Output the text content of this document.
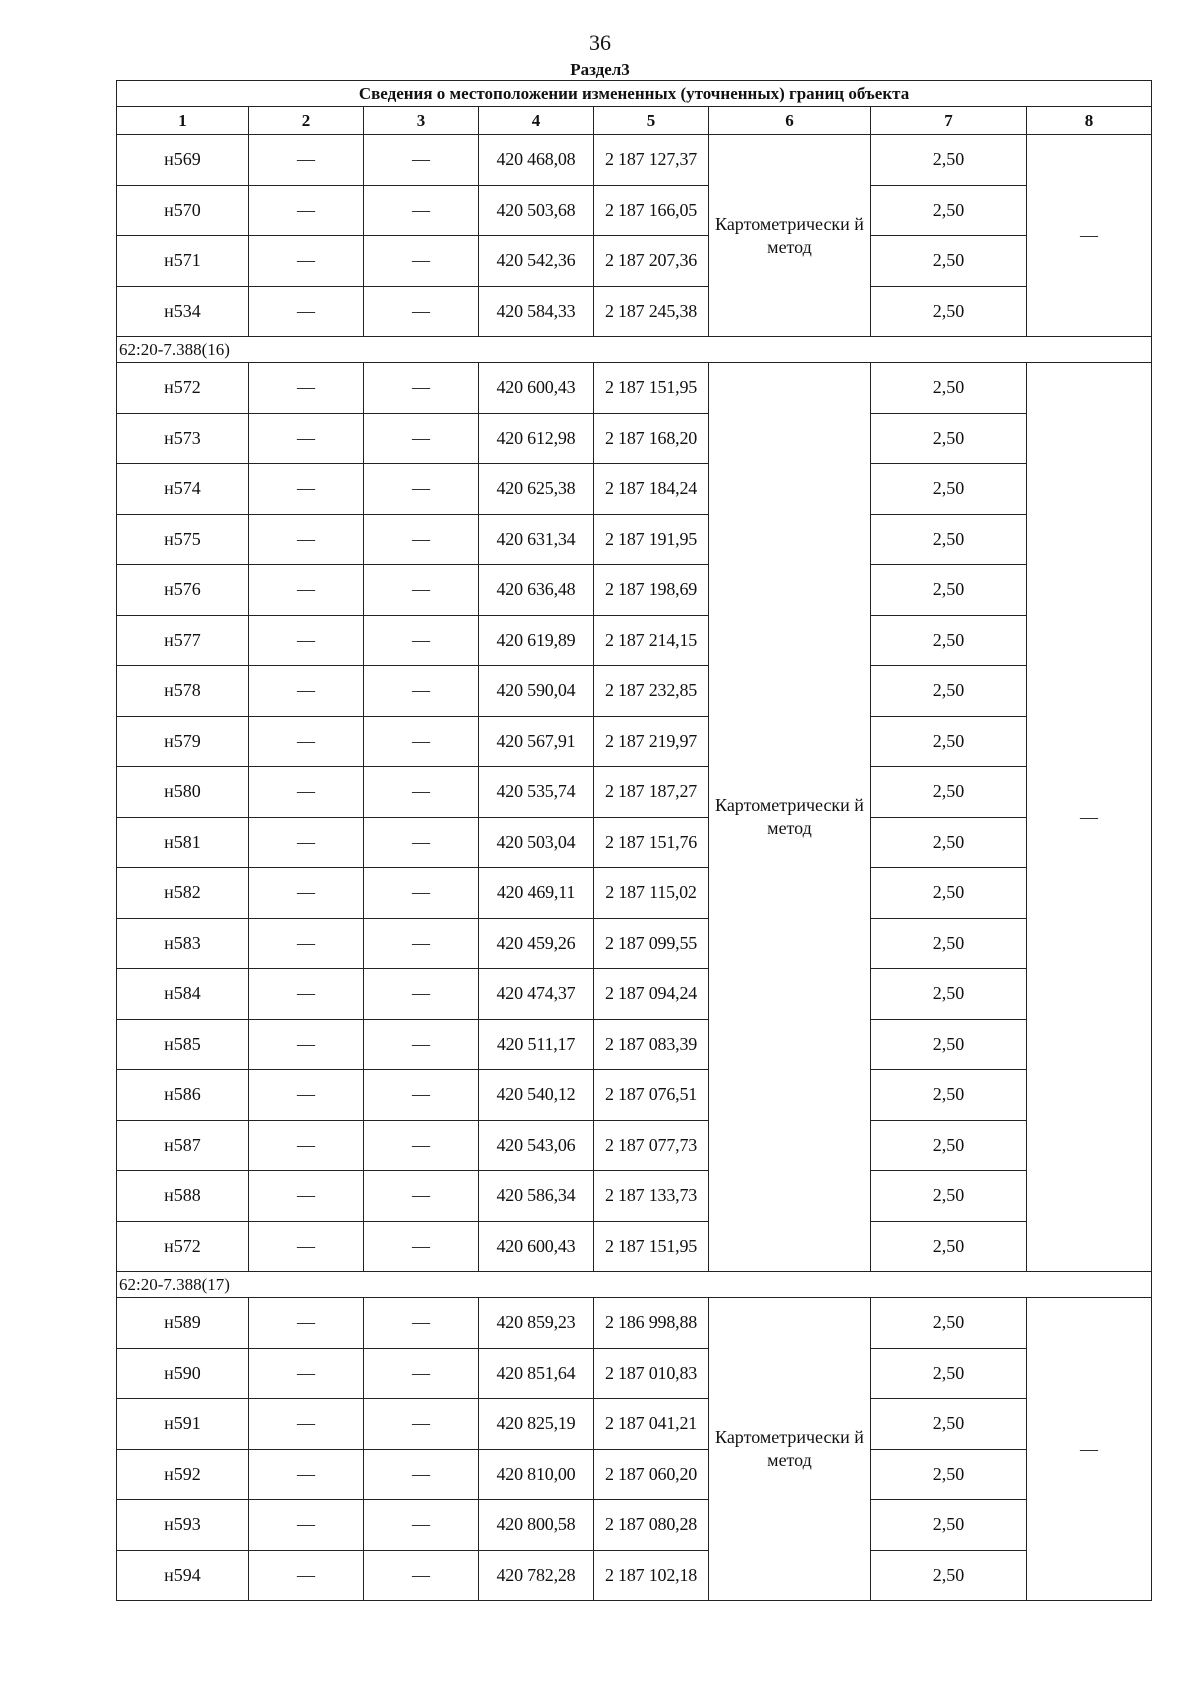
36
Раздел3
Сведения о местоположении измененных (уточненных) границ объекта							
1	2	3	4	5	6	7	8
н569	—	—	420 468,08	2 187 127,37	Картометрически й метод	2,50	—
н570	—	—	420 503,68	2 187 166,05		2,50	
н571	—	—	420 542,36	2 187 207,36		2,50	
н534	—	—	420 584,33	2 187 245,38		2,50	
62:20-7.388(16)							
н572	—	—	420 600,43	2 187 151,95	Картометрически й метод	2,50	—
н573	—	—	420 612,98	2 187 168,20		2,50	
н574	—	—	420 625,38	2 187 184,24		2,50	
н575	—	—	420 631,34	2 187 191,95		2,50	
н576	—	—	420 636,48	2 187 198,69		2,50	
н577	—	—	420 619,89	2 187 214,15		2,50	
н578	—	—	420 590,04	2 187 232,85		2,50	
н579	—	—	420 567,91	2 187 219,97		2,50	
н580	—	—	420 535,74	2 187 187,27		2,50	
н581	—	—	420 503,04	2 187 151,76		2,50	
н582	—	—	420 469,11	2 187 115,02		2,50	
н583	—	—	420 459,26	2 187 099,55		2,50	
н584	—	—	420 474,37	2 187 094,24		2,50	
н585	—	—	420 511,17	2 187 083,39		2,50	
н586	—	—	420 540,12	2 187 076,51		2,50	
н587	—	—	420 543,06	2 187 077,73		2,50	
н588	—	—	420 586,34	2 187 133,73		2,50	
н572	—	—	420 600,43	2 187 151,95		2,50	
62:20-7.388(17)							
н589	—	—	420 859,23	2 186 998,88	Картометрически й метод	2,50	—
н590	—	—	420 851,64	2 187 010,83		2,50	
н591	—	—	420 825,19	2 187 041,21		2,50	
н592	—	—	420 810,00	2 187 060,20		2,50	
н593	—	—	420 800,58	2 187 080,28		2,50	
н594	—	—	420 782,28	2 187 102,18		2,50	
